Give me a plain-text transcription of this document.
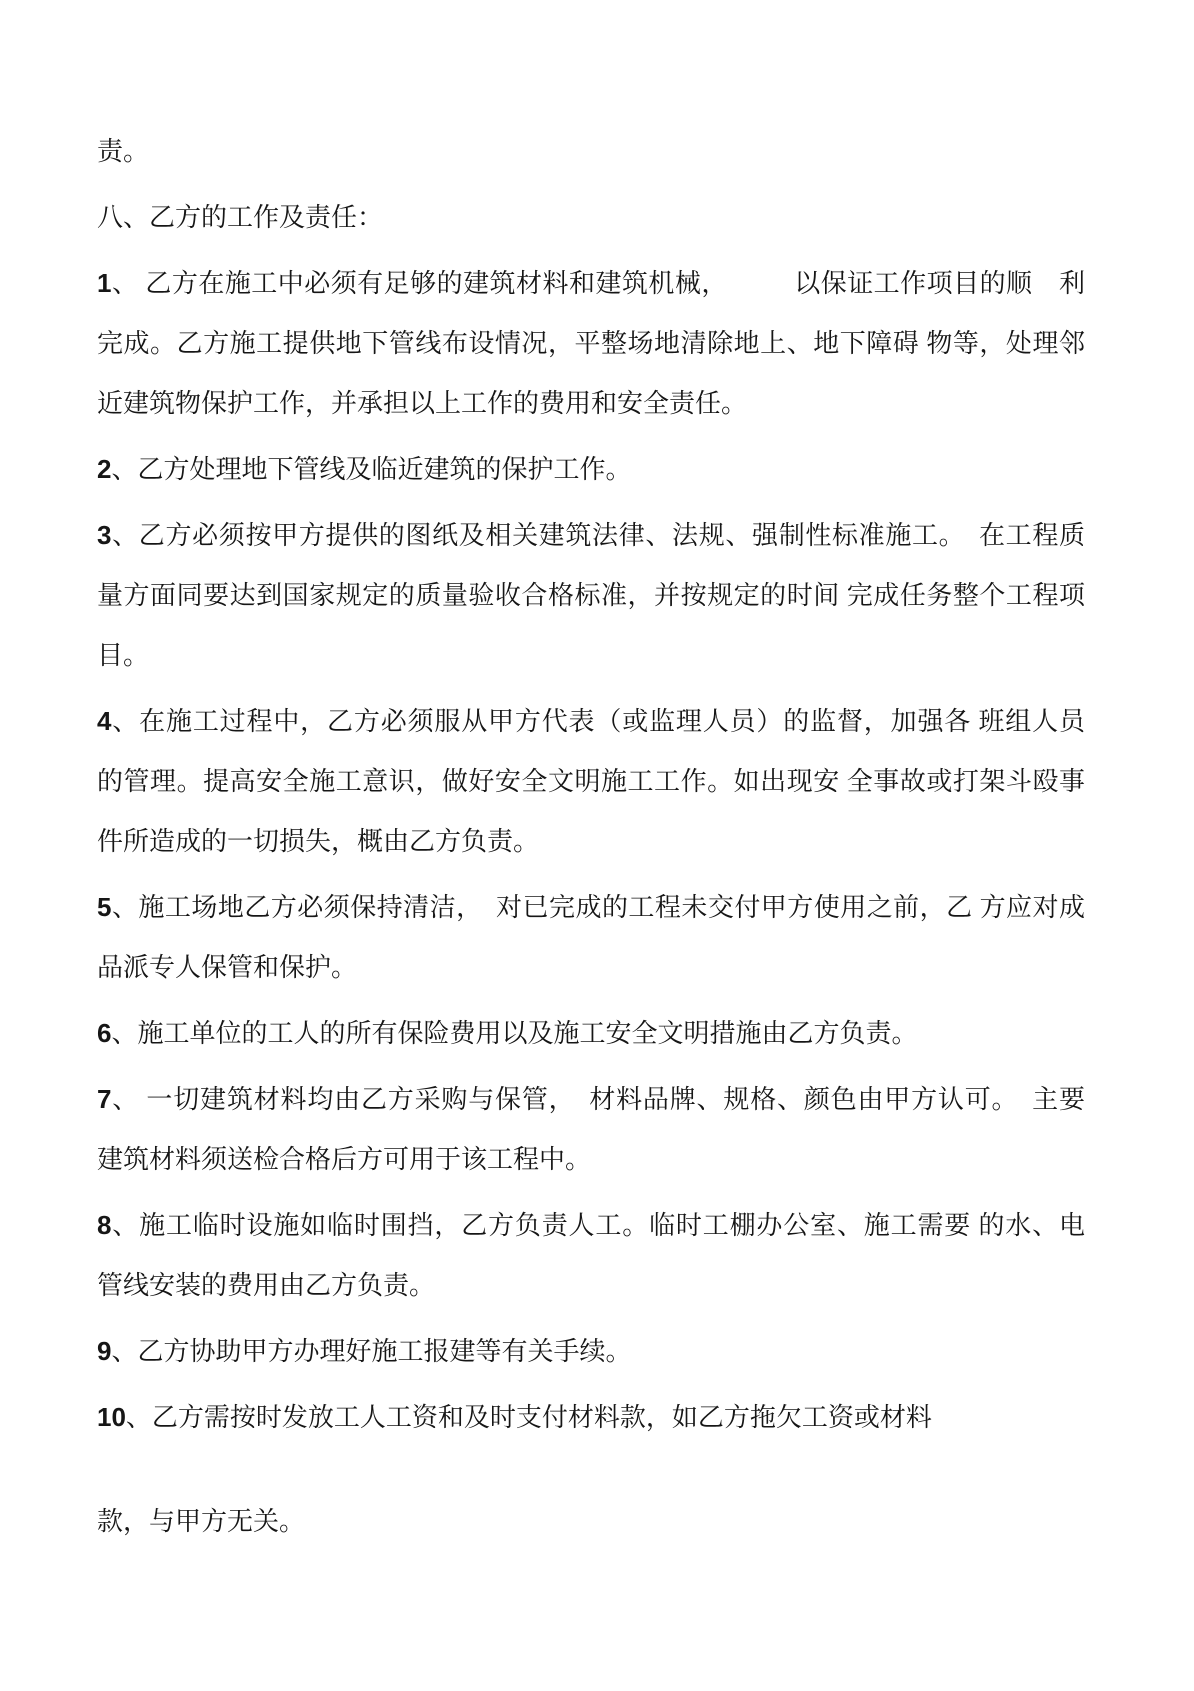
责。
八、乙方的工作及责任：
1、 乙方在施工中必须有足够的建筑材料和建筑机械，　　　以保证工作项目的顺　利
完成。乙方施工提供地下管线布设情况，平整场地清除地上、地下障碍 物等，处理邻
近建筑物保护工作，并承担以上工作的费用和安全责任。
2、乙方处理地下管线及临近建筑的保护工作。
3、乙方必须按甲方提供的图纸及相关建筑法律、法规、强制性标准施工。　在工程质
量方面同要达到国家规定的质量验收合格标准，并按规定的时间 完成任务整个工程项
目。
4、在施工过程中，乙方必须服从甲方代表（或监理人员）的监督，加强各 班组人员
的管理。提高安全施工意识，做好安全文明施工工作。如出现安 全事故或打架斗殴事
件所造成的一切损失，概由乙方负责。
5、施工场地乙方必须保持清洁，　对已完成的工程未交付甲方使用之前，乙 方应对成
品派专人保管和保护。
6、施工单位的工人的所有保险费用以及施工安全文明措施由乙方负责。
7、 一切建筑材料均由乙方采购与保管，　材料品牌、规格、颜色由甲方认可。　主要
建筑材料须送检合格后方可用于该工程中。
8、施工临时设施如临时围挡，乙方负责人工。临时工棚办公室、施工需要 的水、电
管线安装的费用由乙方负责。
9、乙方协助甲方办理好施工报建等有关手续。
10、乙方需按时发放工人工资和及时支付材料款，如乙方拖欠工资或材料
款，与甲方无关。
